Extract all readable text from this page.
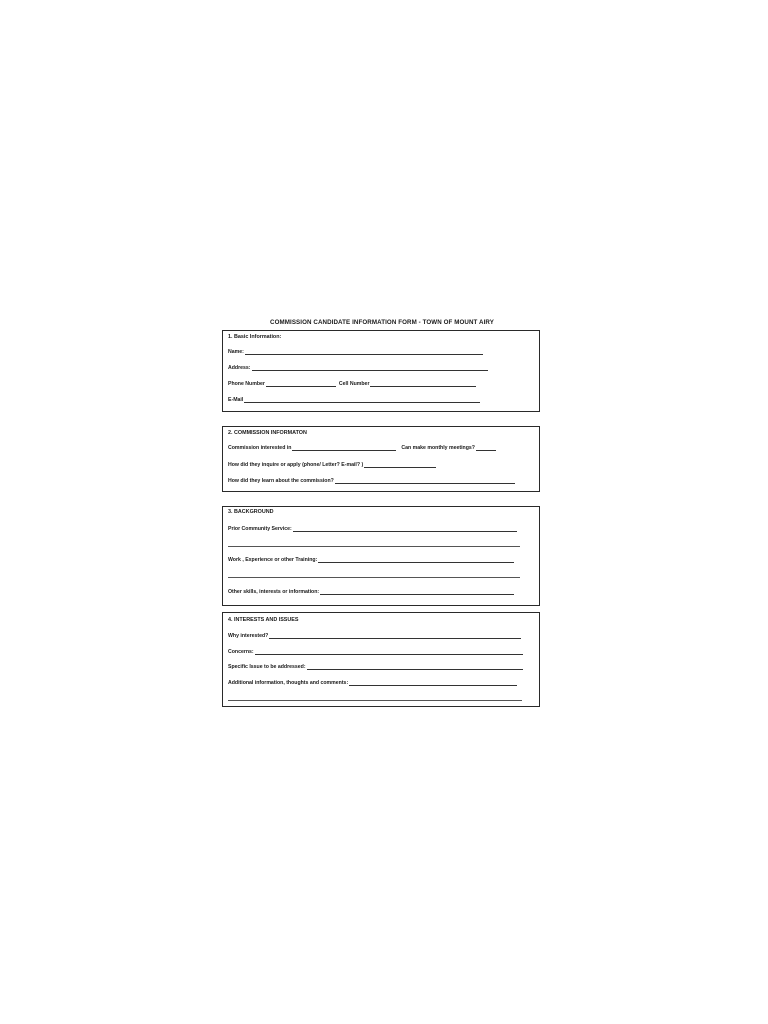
COMMISSION CANDIDATE INFORMATION FORM - TOWN OF MOUNT AIRY
1. Basic Information:
Name:
Address:
Phone Number	Cell Number
E-Mail
2. COMMISSION INFORMATON
Commission interested in	Can make monthly meetings?
How did they inquire or apply (phone/ Letter? E-mail? )
How did they learn about the commission?
3. BACKGROUND
Prior Community Service:
Work , Experience or other Training:
Other skills, interests or information:
4. INTERESTS AND ISSUES
Why interested?
Concerns:
Specific Issue to be addressed:
Additional information, thoughts and comments:
